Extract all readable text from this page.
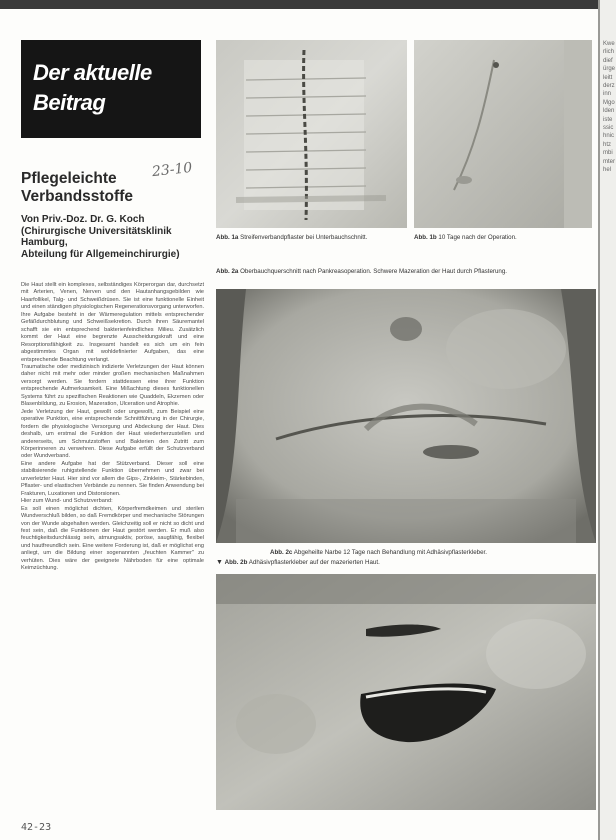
Kwerlichdiefürgeleittderzinn Mgoldenistessichnichtzmbimterhel
Der aktuelle
Beitrag
Pflegeleichte
Verbandsstoffe
23-10
Von Priv.-Doz. Dr. G. Koch
(Chirurgische Universitätsklinik
Hamburg,
Abteilung für Allgemeinchirurgie)

Die Haut stellt ein komplexes, selbständiges Körperorgan dar, durchsetzt mit Arterien, Venen, Nerven und den Hautanhangsgebilden wie Haarfollikel, Talg- und Schweißdrüsen. Sie ist eine funktionelle Einheit und einen ständigen physiologischen Regenerationsvorgang unterworfen. Ihre Aufgabe besteht in der Wärmeregulation mittels entsprechender Gefäßdurchblutung und Schweißsekretion. Durch ihren Säuremantel schafft sie ein entsprechend bakterienfeindliches Milieu. Zusätzlich kommt der Haut eine begrenzte Ausscheidungskraft und eine Resorptionsfähigkeit zu. Insgesamt handelt es sich um ein fein abgestimmtes Organ mit wohldefinierter Aufgaben, das eine entsprechende Beachtung verlangt.

Traumatische oder medizinisch indizierte Verletzungen der Haut können daher nicht mit mehr oder minder großen mechanischen Maßnahmen versorgt werden. Sie fordern stattdessen eine ihrer Funktion entsprechende Aufmerksamkeit. Eine Mißachtung dieses funktionellen Systems führt zu spezifischen Reaktionen wie Quaddeln, Ekzemen oder Blasenbildung, zu Erosion, Mazeration, Ulceration und Atrophie.

Jede Verletzung der Haut, gewollt oder ungewollt, zum Beispiel eine operative Punktion, eine entsprechende Schnittführung in der Chirurgie, fordern die physiologische Versorgung und Abdeckung der Haut. Dies deshalb, um erstmal die Funktion der Haut wiederherzustellen und andererseits, um Schmutzstoffen und Bakterien den Zutritt zum Körperinneren zu verwehren. Diese Aufgabe erfüllt der Schutzverband oder Wundverband.

Eine andere Aufgabe hat der Stützverband. Dieser soll eine stabilisierende ruhigstellende Funktion übernehmen und zwar bei unverletzter Haut. Hier sind vor allem die Gips-, Zinkleim-, Stärkebinden, Pflaster- und elastischen Verbände zu nennen. Sie finden Anwendung bei Frakturen, Luxationen und Distorsionen.

Hier zum Wund- und Schutzverband:

Es soll einen möglichst dichten, Körperfremdkeimen und sterilen Wundverschluß bilden, so daß Fremdkörper und mechanische Störungen von der Wunde abgehalten werden. Gleichzeitig soll er nicht so dicht und fest sein, daß die Funktionen der Haut gestört werden. Er muß also feuchtigkeitsdurchlässig sein, atmungsaktiv, poröse, saugfähig, flexibel und hautfreundlich sein. Eine weitere Forderung ist, daß er möglichst eng anliegt, um die Bildung einer sogenannten „feuchten Kammer" zu verhüten. Dies wäre der geeignete Nährboden für eine optimale Keimzüchtung.

42-23
Abb. 1a Streifenverbandpflaster bei Unterbauchschnitt.	Abb. 1b 10 Tage nach der Operation.
Abb. 2a Oberbauchquerschnitt nach Pankreasoperation. Schwere Mazeration der Haut durch Pflasterung.
Abb. 2c Abgeheilte Narbe 12 Tage nach Behandlung mit Adhäsivpflasterkleber.
▼ Abb. 2b Adhäsivpflasterkleber auf der mazerierten Haut.
